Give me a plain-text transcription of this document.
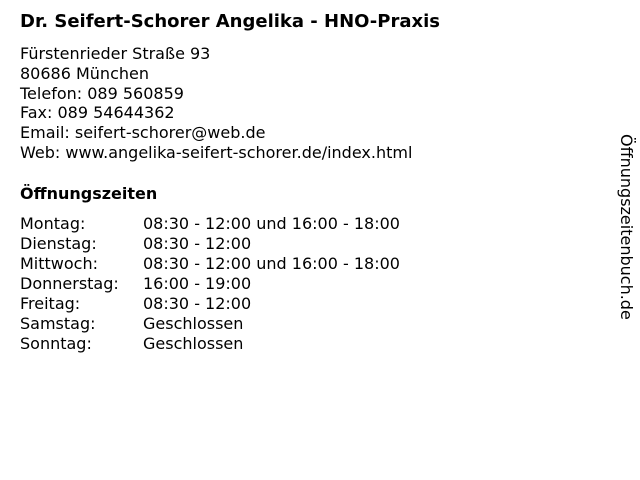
Dr. Seifert-Schorer Angelika - HNO-Praxis
Fürstenrieder Straße 93
80686 München
Telefon: 089 560859
Fax: 089 54644362
Email: seifert-schorer@web.de
Web: www.angelika-seifert-schorer.de/index.html
Öffnungszeiten
Montag:	08:30 - 12:00 und 16:00 - 18:00
Dienstag:	08:30 - 12:00
Mittwoch:	08:30 - 12:00 und 16:00 - 18:00
Donnerstag: 16:00 - 19:00
Freitag:	08:30 - 12:00
Samstag:	Geschlossen
Sonntag:	Geschlossen
Öffnungszeitenbuch.de
